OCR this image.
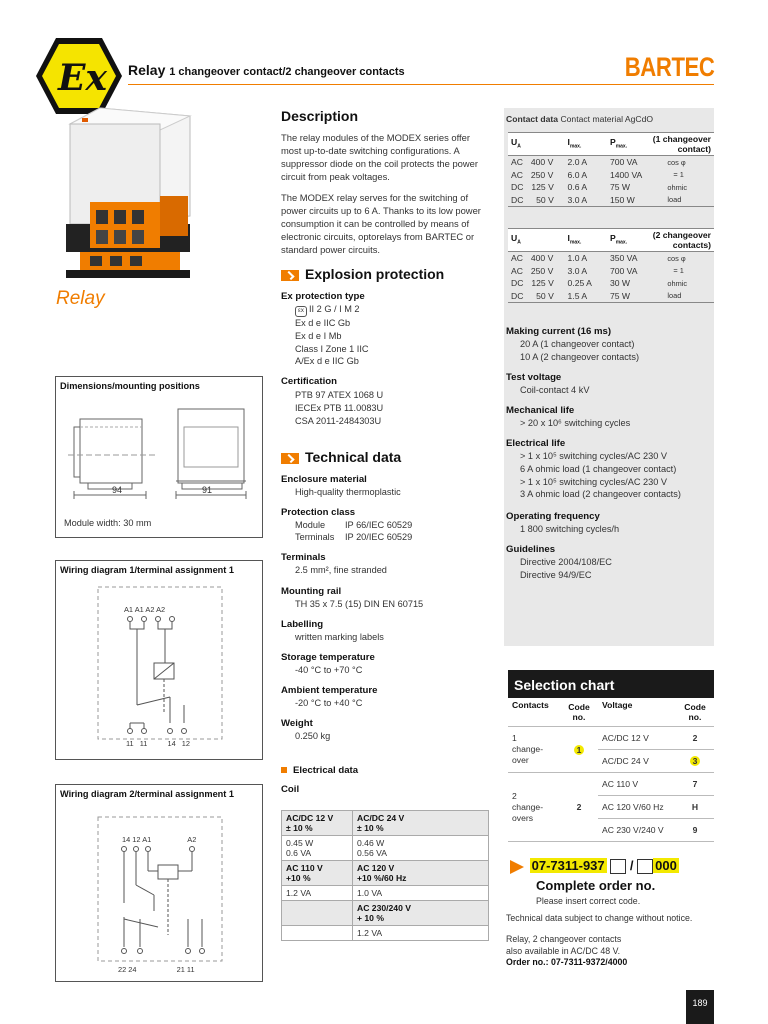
Ex Relay 1 changeover contact/2 changeover contacts	BARTEC
Relay
Dimensions/mounting positions
94	91
Module width: 30 mm
Wiring diagram 1/terminal assignment 1
A1 A1 A2 A2
11 11	14 12
Wiring diagram 2/terminal assignment 1
14 12 A1	A2
22 24	21 11
Description
The relay modules of the MODEX series offer most up-to-date switching configurations. A suppressor diode on the coil protects the power circuit from peak voltages.
The MODEX relay serves for the switching of power circuits up to 6 A. Thanks to its low power consumption it can be controlled by means of electronic circuits, optorelays from BARTEC or standard power circuits.
Explosion protection
Ex protection type
εx II 2 G / I M 2
Ex d e IIC Gb
Ex d e I Mb
Class I Zone 1 IIC
A/Ex d e IIC Gb
Certification
PTB 97 ATEX 1068 U
IECEx PTB 11.0083U
CSA 2011-2484303U
Technical data
Enclosure material
High-quality thermoplastic
Protection class
Module IP 66/IEC 60529
Terminals IP 20/IEC 60529
Terminals
2.5 mm², fine stranded
Mounting rail
TH 35 x 7.5 (15) DIN EN 60715
Labelling
written marking labels
Storage temperature
-40 °C to +70 °C
Ambient temperature
-20 °C to +40 °C
Weight
0.250 kg
Electrical data
Coil
AC/DC 12 V
± 10 %	AC/DC 24 V
± 10 %
0.45 W
0.6 VA	0.46 W
0.56 VA
AC 110 V
+10 %	AC 120 V
+10 %/60 Hz
1.2 VA	1.0 VA
	AC 230/240 V
+ 10 %
	1.2 VA
Contact data Contact material AgCdO
$U_A$	$I_{max.}$	$P_{max.}$	(1 changeover contact)
AC 400 V	2.0 A	700 VA	cos φ
AC 250 V	6.0 A	1400 VA	= 1
DC 125 V	0.6 A	75 W	ohmic
DC 50 V	3.0 A	150 W	load
$U_A$	$I_{max.}$	$P_{max.}$	(2 changeover contacts)
AC 400 V	1.0 A	350 VA	cos φ
AC 250 V	3.0 A	700 VA	= 1
DC 125 V	0.25 A	30 W	ohmic
DC 50 V	1.5 A	75 W	load
Making current (16 ms)
20 A (1 changeover contact)
10 A (2 changeover contacts)
Test voltage
Coil-contact 4 kV
Mechanical life
> 20 x 10⁶ switching cycles
Electrical life
> 1 x 10⁵ switching cycles/AC 230 V
6 A ohmic load (1 changeover contact)
> 1 x 10⁵ switching cycles/AC 230 V
3 A ohmic load (2 changeover contacts)
Operating frequency
1 800 switching cycles/h
Guidelines
Directive 2004/108/EC
Directive 94/9/EC
Selection chart
Contacts	Code
no.	Voltage	Code
no.
1
change-
over	1	AC/DC 12 V	2
		AC/DC 24 V	3
2
change-
overs	2	AC 110 V	7
		AC 120 V/60 Hz	H
		AC 230 V/240 V	9
07-7311-937 / 000
Complete order no.
Please insert correct code.
Technical data subject to change without notice.
Relay, 2 changeover contacts
also available in AC/DC 48 V.
Order no.: 07-7311-9372/4000
189
